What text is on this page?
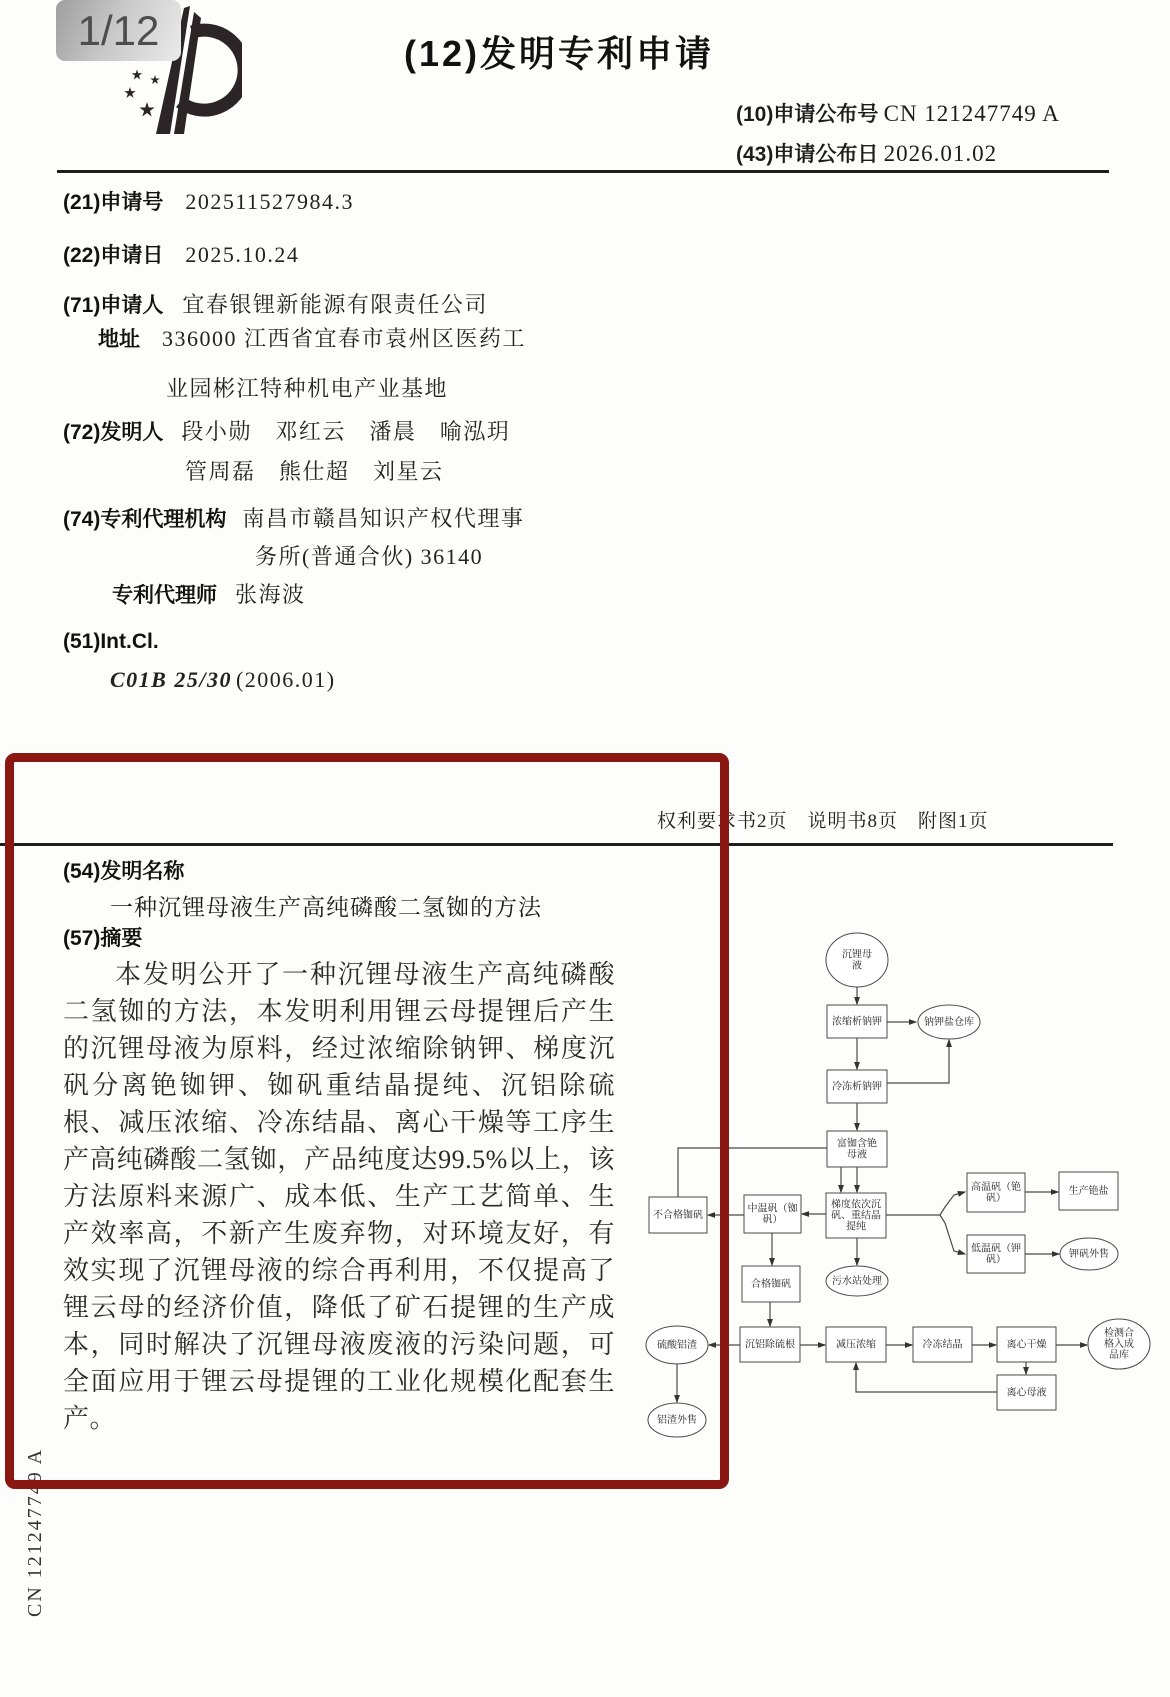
1/12	(12)发明专利申请
(10)申请公布号 CN 121247749 A
(43)申请公布日 2026.01.02
(21)申请号 202511527984.3
(22)申请日 2025.10.24
(71)申请人 宜春银锂新能源有限责任公司
地址 336000 江西省宜春市袁州区医药工
业园彬江特种机电产业基地
(72)发明人 段小勋　邓红云　潘晨　喻泓玥
管周磊　熊仕超　刘星云
(74)专利代理机构 南昌市赣昌知识产权代理事
务所(普通合伙) 36140
专利代理师 张海波
(51)Int.Cl.
C01B 25/30 (2006.01)
权利要求书2页　说明书8页　附图1页
(54)发明名称
一种沉锂母液生产高纯磷酸二氢铷的方法
(57)摘要
本发明公开了一种沉锂母液生产高纯磷酸二氢铷的方法，本发明利用锂云母提锂后产生的沉锂母液为原料，经过浓缩除钠钾、梯度沉矾分离铯铷钾、铷矾重结晶提纯、沉铝除硫根、减压浓缩、冷冻结晶、离心干燥等工序生产高纯磷酸二氢铷，产品纯度达99.5%以上，该方法原料来源广、成本低、生产工艺简单、生产效率高，不新产生废弃物，对环境友好，有效实现了沉锂母液的综合再利用，不仅提高了锂云母的经济价值，降低了矿石提锂的生产成本，同时解决了沉锂母液废液的污染问题，可全面应用于锂云母提锂的工业化规模化配套生产。
沉锂母液
浓缩析钠钾	钠钾盐仓库
冷冻析钠钾
富铷含铯母液
梯度依次沉矾、重结晶提纯
中温矾（铷矾）
不合格铷矾
高温矾（铯矾）
生产铯盐
低温矾（钾矾）	钾矾外售
污水站处理
合格铷矾
沉铝除硫根
硫酸铝渣
铝渣外售
减压浓缩	冷冻结晶	离心干燥
检测合格入成品库
离心母液
CN 121247749 A
